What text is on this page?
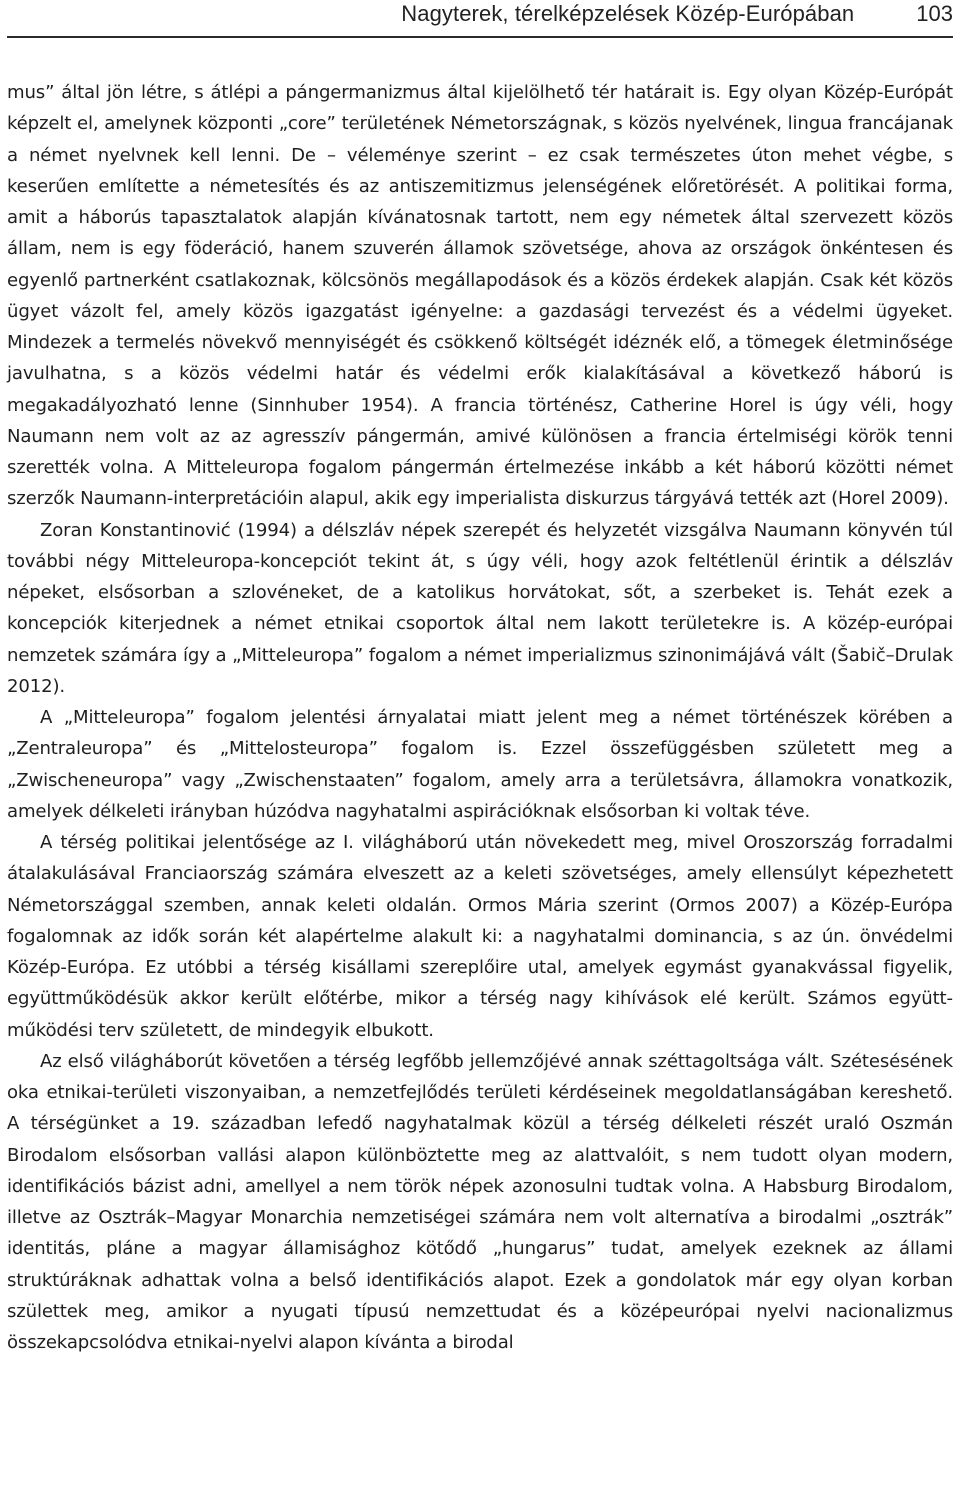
Nagyterek, térelképzelések Közép-Európában	103

mus” által jön létre, s átlépi a pángermanizmus által kijelölhető tér határait is. Egy olyan Közép-Európát képzelt el, amelynek központi „core” területének Németországnak, s közös nyelvének, lingua francájanak a német nyelvnek kell lenni. De – véleménye szerint – ez csak természetes úton mehet végbe, s keserűen említette a németesítés és az antiszemitizmus jelenségének előretörését. A politikai forma, amit a háborús tapasztalatok alapján kívánatosnak tartott, nem egy németek által szervezett közös állam, nem is egy föderáció, hanem szuverén államok szövetsége, ahova az országok önkéntesen és egyenlő partnerként csatlakoznak, kölcsönös megállapodások és a közös érdekek alapján. Csak két közös ügyet vázolt fel, amely közös igazgatást igényelne: a gazdasági tervezést és a védelmi ügyeket. Mindezek a termelés növekvő mennyiségét és csökkenő költségét idéznék elő, a tömegek életminősége javulhatna, s a közös védelmi határ és védelmi erők kialakításával a következő háború is megakadályozható lenne (Sinnhuber 1954). A francia történész, Catherine Horel is úgy véli, hogy Naumann nem volt az az agresszív pángermán, amivé különösen a francia értelmiségi körök tenni szerették volna. A Mitteleuropa fogalom pángermán értelmezése inkább a két háború közötti német szerzők Naumann-interpretációin alapul, akik egy imperialista diskurzus tárgyává tették azt (Horel 2009).

Zoran Konstantinović (1994) a délszláv népek szerepét és helyzetét vizsgálva Naumann könyvén túl további négy Mitteleuropa-koncepciót tekint át, s úgy véli, hogy azok feltétlenül érintik a délszláv népeket, elsősorban a szlovéneket, de a katolikus horvátokat, sőt, a szerbeket is. Tehát ezek a koncepciók kiterjednek a német etnikai csoportok által nem lakott területekre is. A közép-európai nemzetek számára így a „Mitteleuropa” fogalom a német imperializmus szinonimájává vált (Šabič–Drulak 2012).

A „Mitteleuropa” fogalom jelentési árnyalatai miatt jelent meg a német történészek körében a „Zentraleuropa” és „Mittelosteuropa” fogalom is. Ezzel összefüggésben született meg a „Zwischeneuropa” vagy „Zwischenstaaten” fogalom, amely arra a területsávra, államokra vonatkozik, amelyek délkeleti irányban húzódva nagyhatalmi aspirációknak elsősorban ki voltak téve.

A térség politikai jelentősége az I. világháború után növekedett meg, mivel Oroszország forradalmi átalakulásával Franciaország számára elveszett az a keleti szövetséges, amely ellensúlyt képezhetett Németországgal szemben, annak keleti oldalán. Ormos Mária szerint (Ormos 2007) a Közép-Európa fogalomnak az idők során két alapértelme alakult ki: a nagyhatalmi dominancia, s az ún. önvédelmi Közép-Európa. Ez utóbbi a térség kisállami szereplőire utal, amelyek egymást gyanakvással figyelik, együttműködésük akkor került előtérbe, mikor a térség nagy kihívások elé került. Számos együttműködési terv született, de mindegyik elbukott.

Az első világháborút követően a térség legfőbb jellemzőjévé annak széttagoltsága vált. Szétesésének oka etnikai-területi viszonyaiban, a nemzetfejlődés területi kérdéseinek megoldatlanságában kereshető. A térségünket a 19. században lefedő nagyhatalmak közül a térség délkeleti részét uraló Oszmán Birodalom elsősorban vallási alapon különböztette meg az alattvalóit, s nem tudott olyan modern, identifikációs bázist adni, amellyel a nem török népek azonosulni tudtak volna. A Habsburg Birodalom, illetve az Osztrák–Magyar Monarchia nemzetiségei számára nem volt alternatíva a birodalmi „osztrák” identitás, pláne a magyar államisághoz kötődő „hungarus” tudat, amelyek ezeknek az állami struktúráknak adhattak volna a belső identifikációs alapot. Ezek a gondolatok már egy olyan korban születtek meg, amikor a nyugati típusú nemzettudat és a középeurópai nyelvi nacionalizmus összekapcsolódva etnikai-nyelvi alapon kívánta a birodal
